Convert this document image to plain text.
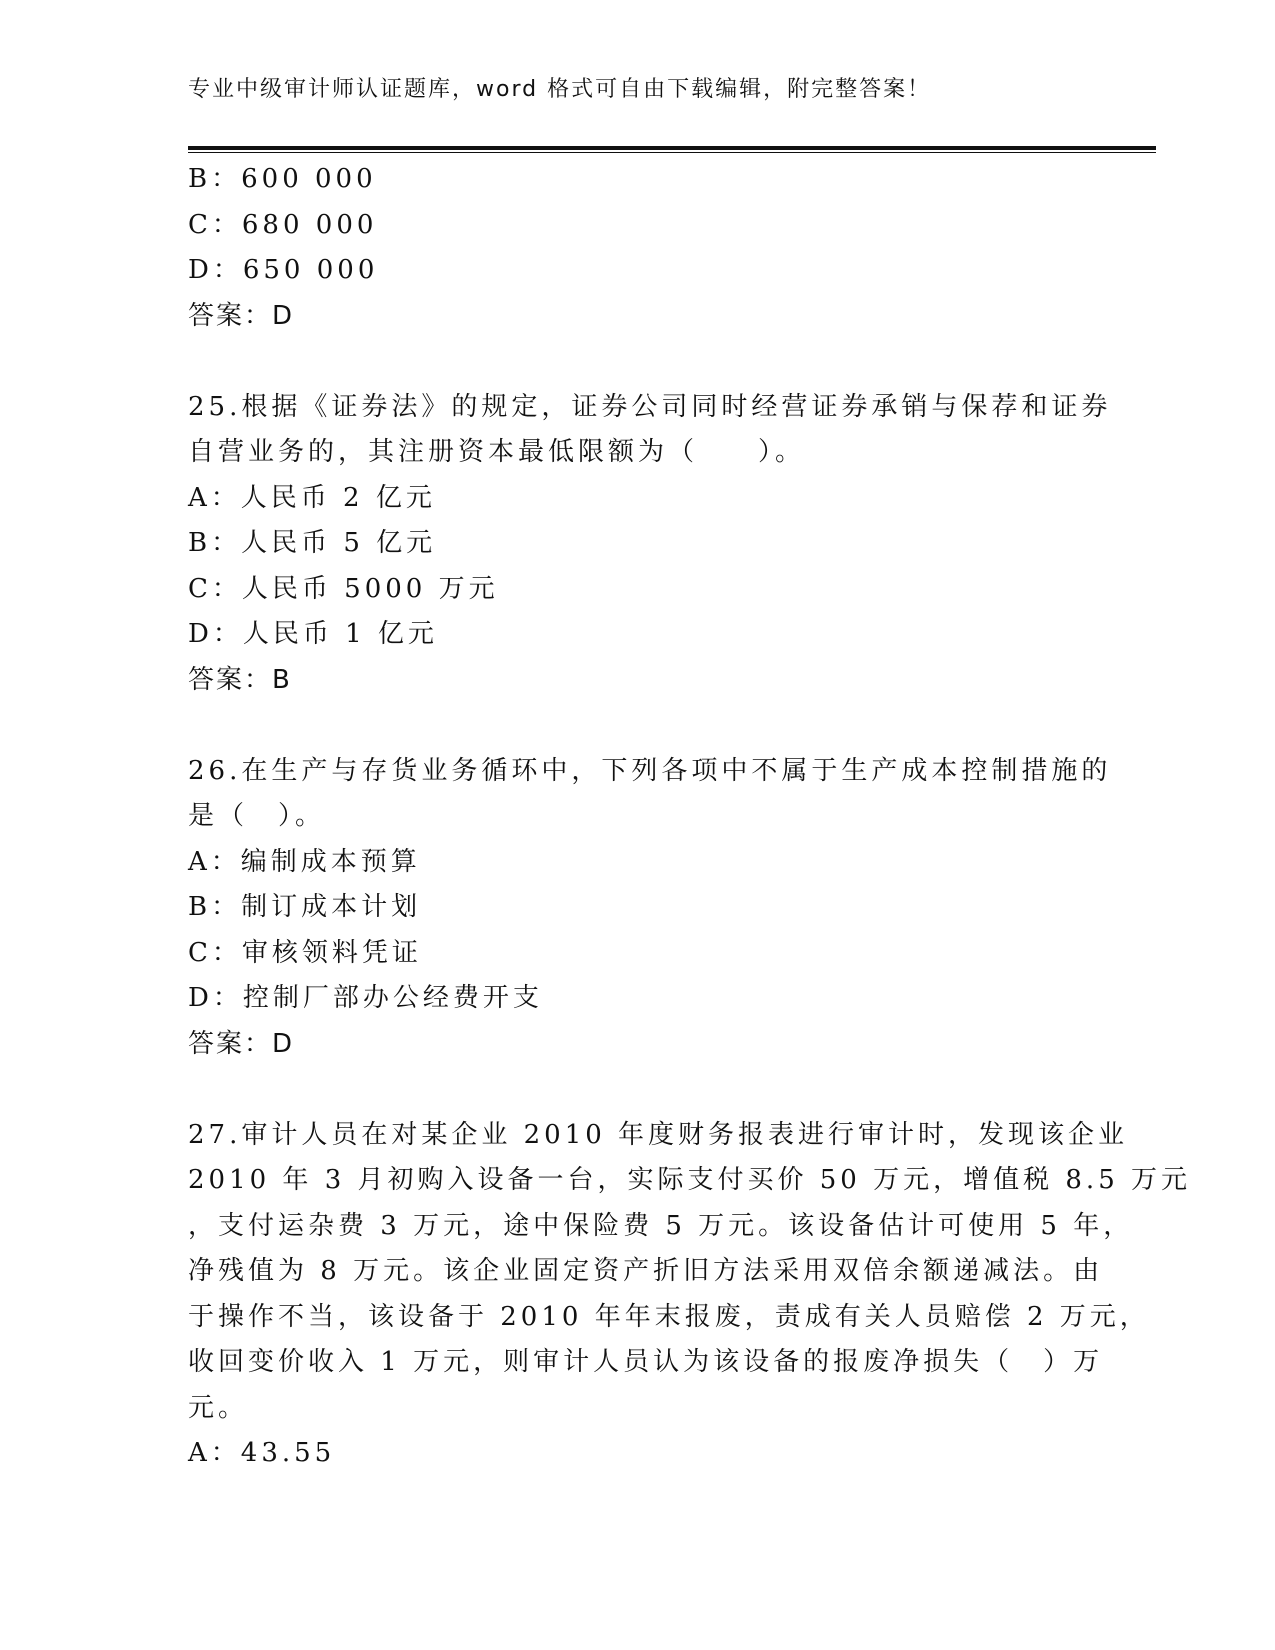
专业中级审计师认证题库，word 格式可自由下载编辑，附完整答案！
B：600 000
C：680 000
D：650 000
答案：D
25.根据《证券法》的规定，证券公司同时经营证券承销与保荐和证券
自营业务的，其注册资本最低限额为（　　）。
A：人民币 2 亿元
B：人民币 5 亿元
C：人民币 5000 万元
D：人民币 1 亿元
答案：B
26.在生产与存货业务循环中，下列各项中不属于生产成本控制措施的
是（　）。
A：编制成本预算
B：制订成本计划
C：审核领料凭证
D：控制厂部办公经费开支
答案：D
27.审计人员在对某企业 2010 年度财务报表进行审计时，发现该企业
2010 年 3 月初购入设备一台，实际支付买价 50 万元，增值税 8.5 万元
，支付运杂费 3 万元，途中保险费 5 万元。该设备估计可使用 5 年，
净残值为 8 万元。该企业固定资产折旧方法采用双倍余额递减法。由
于操作不当，该设备于 2010 年年末报废，责成有关人员赔偿 2 万元，
收回变价收入 1 万元，则审计人员认为该设备的报废净损失（　）万
元。
A：43.55
